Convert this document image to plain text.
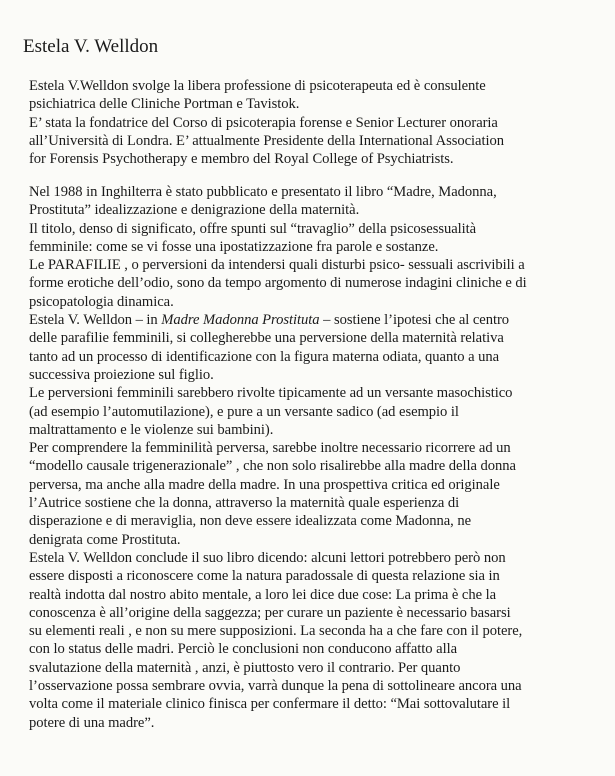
Estela V. Welldon
Estela V.Welldon svolge la libera professione di psicoterapeuta ed è consulente
psichiatrica delle Cliniche Portman e Tavistok.
E’ stata la fondatrice del Corso di psicoterapia forense e Senior Lecturer onoraria
all’Università di Londra. E’ attualmente Presidente della International Association
for Forensis Psychotherapy e membro del Royal College of Psychiatrists.
Nel 1988 in Inghilterra è stato pubblicato e presentato il libro “Madre, Madonna,
Prostituta” idealizzazione e denigrazione della maternità.
Il titolo, denso di significato, offre spunti sul “travaglio” della psicosessualità
femminile: come se vi fosse una ipostatizzazione fra parole e sostanze.
Le PARAFILIE , o perversioni da intendersi quali disturbi psico- sessuali ascrivibili a
forme erotiche dell’odio, sono da tempo argomento di numerose indagini cliniche e di
psicopatologia dinamica.
Estela V. Welldon – in Madre Madonna Prostituta – sostiene l’ipotesi che al centro
delle parafilie femminili, si collegherebbe una perversione della maternità relativa
tanto ad un processo di identificazione con la figura materna odiata, quanto a una
successiva proiezione sul figlio.
Le perversioni femminili sarebbero rivolte tipicamente ad un versante masochistico
(ad esempio l’automutilazione), e pure a un versante sadico (ad esempio il
maltrattamento e le violenze sui bambini).
Per comprendere la femminilità perversa, sarebbe inoltre necessario ricorrere ad un
“modello causale trigenerazionale” , che non solo risalirebbe alla madre della donna
perversa, ma anche alla madre della madre. In una prospettiva critica ed originale
l’Autrice sostiene che la donna, attraverso la maternità quale esperienza di
disperazione e di meraviglia, non deve essere idealizzata come Madonna, ne
denigrata come Prostituta.
Estela V. Welldon conclude il suo libro dicendo: alcuni lettori potrebbero però non
essere disposti a riconoscere come la natura paradossale di questa relazione sia in
realtà indotta dal nostro abito mentale, a loro lei dice due cose: La prima è che la
conoscenza è all’origine della saggezza; per curare un paziente è necessario basarsi
su elementi reali , e non su mere supposizioni. La seconda ha a che fare con il potere,
con lo status delle madri. Perciò le conclusioni non conducono affatto alla
svalutazione della maternità , anzi, è piuttosto vero il contrario. Per quanto
l’osservazione possa sembrare ovvia, varrà dunque la pena di sottolineare ancora una
volta come il materiale clinico finisca per confermare il detto: “Mai sottovalutare il
potere di una madre”.
